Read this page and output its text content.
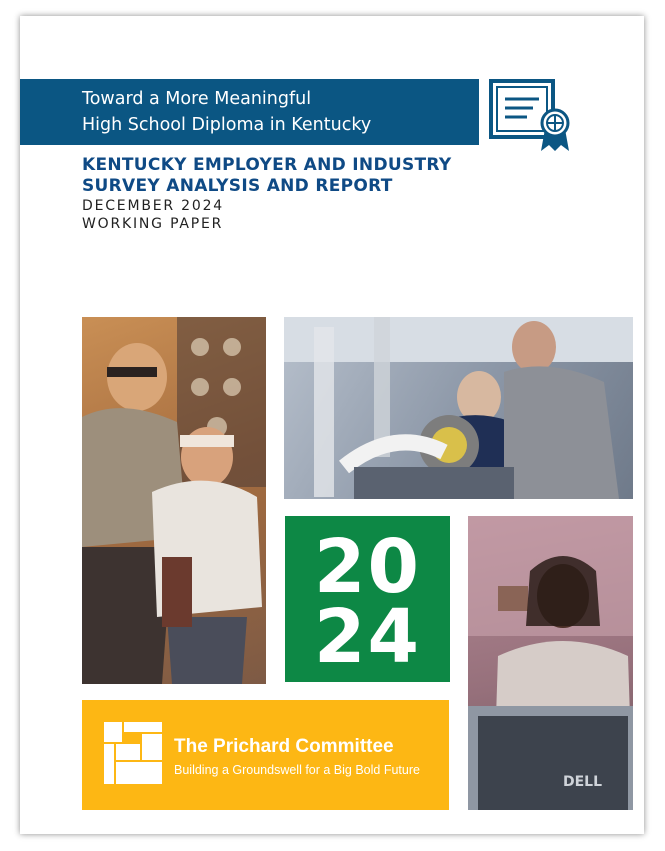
Toward a More Meaningful
High School Diploma in Kentucky
KENTUCKY EMPLOYER AND INDUSTRY
SURVEY ANALYSIS AND REPORT
DECEMBER 2024
WORKING PAPER
20
24
DELL
The Prichard Committee
Building a Groundswell for a Big Bold Future
